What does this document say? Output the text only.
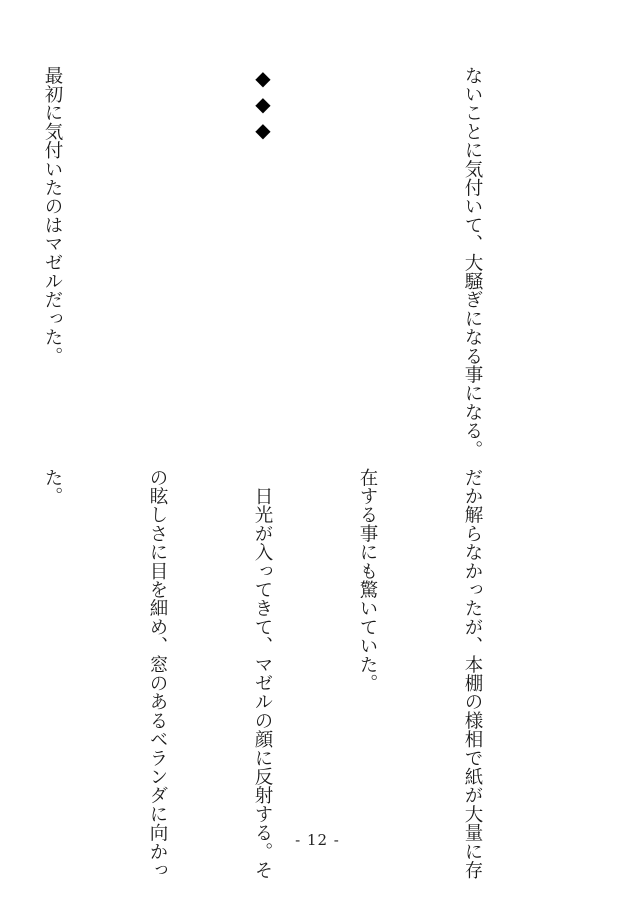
ないことに気付いて、大騒ぎになる事になる。

◆◆◆

最初に気付いたのはマゼルだった。

だか解らなかったが、本棚の様相で紙が大量に存

在する事にも驚いていた。

　日光が入ってきて、マゼルの顔に反射する。そ

の眩しさに目を細め、窓のあるベランダに向かっ

た。

- 12 -
